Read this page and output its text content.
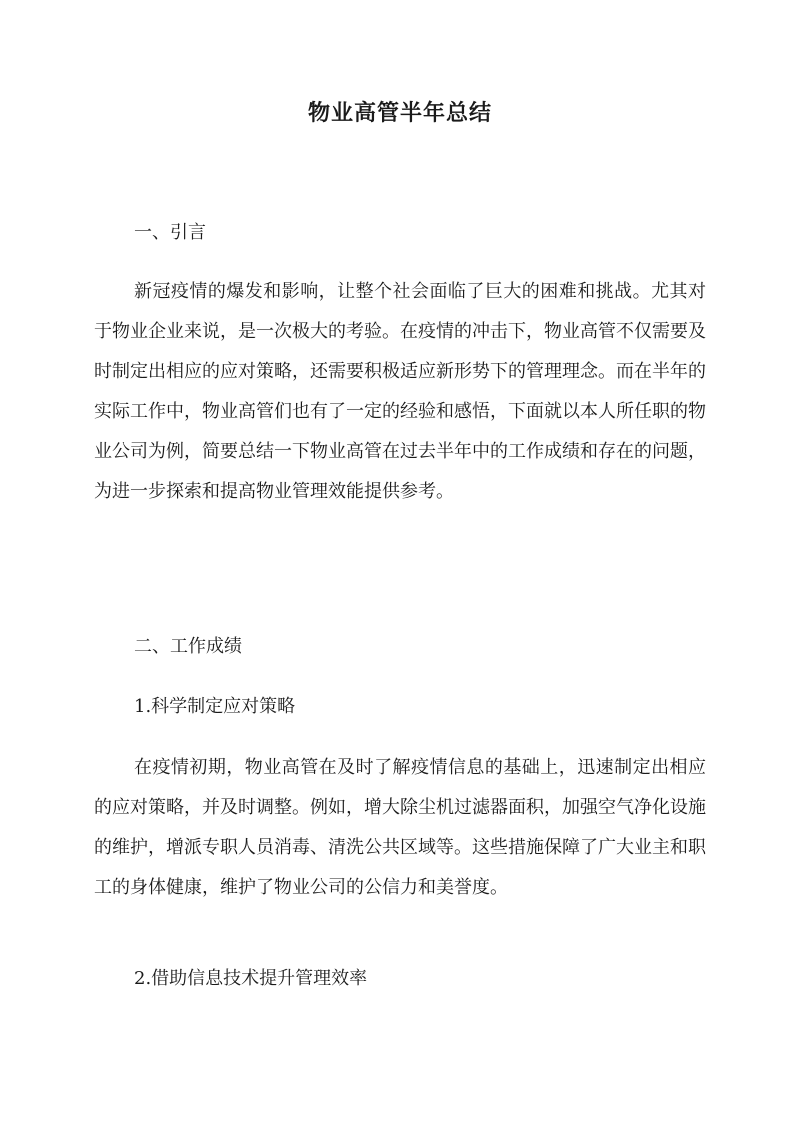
物业高管半年总结
一、引言

新冠疫情的爆发和影响，让整个社会面临了巨大的困难和挑战。尤其对于物业企业来说，是一次极大的考验。在疫情的冲击下，物业高管不仅需要及时制定出相应的应对策略，还需要积极适应新形势下的管理理念。而在半年的实际工作中，物业高管们也有了一定的经验和感悟，下面就以本人所任职的物业公司为例，简要总结一下物业高管在过去半年中的工作成绩和存在的问题，为进一步探索和提高物业管理效能提供参考。

二、工作成绩
1.科学制定应对策略

在疫情初期，物业高管在及时了解疫情信息的基础上，迅速制定出相应的应对策略，并及时调整。例如，增大除尘机过滤器面积，加强空气净化设施的维护，增派专职人员消毒、清洗公共区域等。这些措施保障了广大业主和职工的身体健康，维护了物业公司的公信力和美誉度。

2.借助信息技术提升管理效率
